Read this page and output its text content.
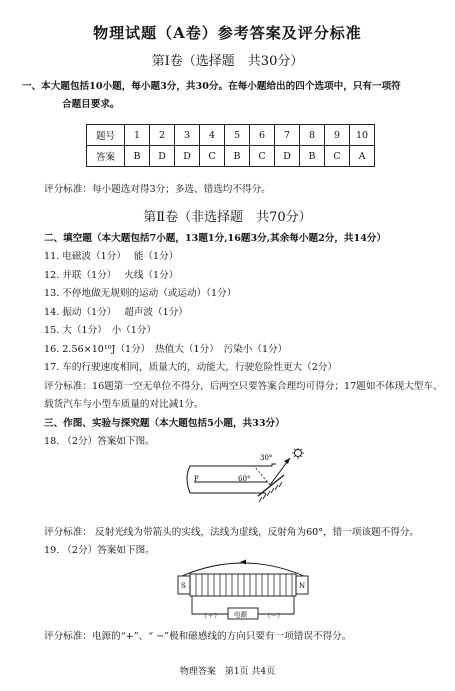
物理试题（A卷）参考答案及评分标准
第Ⅰ卷（选择题　共30分）
一、本大题包括10小题，每小题3分，共30分。在每小题给出的四个选项中，只有一项符
合题目要求。
题号	1	2	3	4	5	6	7	8	9	10
答案	B	D	D	C	B	C	D	B	C	A
评分标准：每小题选对得3分；多选、错选均不得分。
第Ⅱ卷（非选择题　共70分）
二、填空题（本大题包括7小题，13题1分,16题3分,其余每小题2分，共14分）
11. 电磁波（1分）　 能（1分）
12. 并联（1分）　 火线（1分）
13. 不停地做无规则的运动（或运动）（1分）
14. 振动（1分）　 超声波（1分）
15. 大（1分）　小（1分）
16. 2.56×10¹⁰J（1分）　热值大（1分）　污染小（1分）
17. 车的行驶速度相同，质量大的，动能大，行驶危险性更大（2分）
评分标准：16题第一空无单位不得分，后两空只要答案合理均可得分；17题如不体现大型车、
载货汽车与小型车质量的对比减1分。
三、作图、实验与探究题（本大题包括5小题，共33分）
18. （2分）答案如下图。
P	60°
30°
评分标准： 反射光线为带箭头的实线，法线为虚线，反射角为60°，错一项该题不得分。
19. （2分）答案如下图。
电源
（＋）	（－）
S	N
评分标准：电源的“+”、“ −”极和磁感线的方向只要有一项错误不得分。
物理答案　第1页 共4页
